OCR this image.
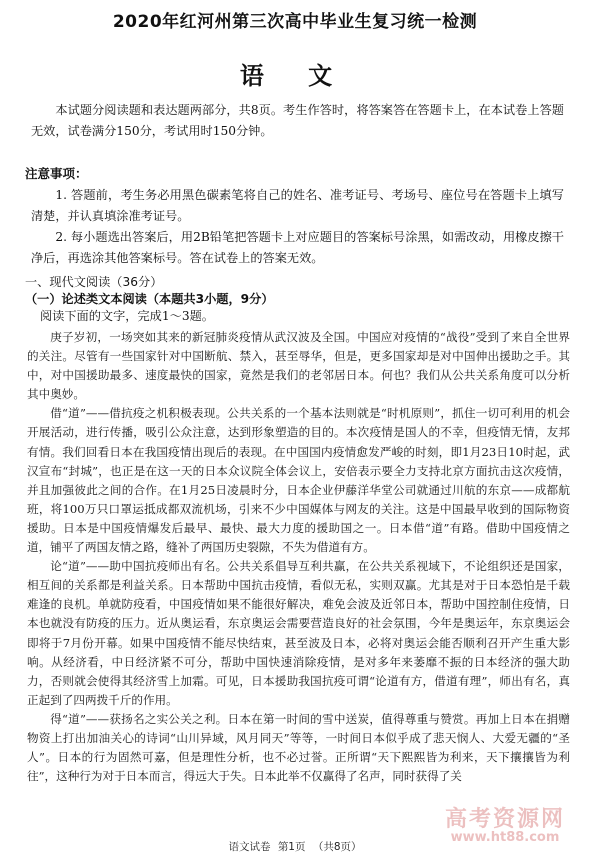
2020年红河州第三次高中毕业生复习统一检测
语 文
本试题分阅读题和表达题两部分，共8页。考生作答时，将答案答在答题卡上，在本试卷上答题无效，试卷满分150分，考试用时150分钟。
注意事项：
1. 答题前，考生务必用黑色碳素笔将自己的姓名、准考证号、考场号、座位号在答题卡上填写清楚，并认真填涂准考证号。
2. 每小题选出答案后，用2B铅笔把答题卡上对应题目的答案标号涂黑，如需改动，用橡皮擦干净后，再选涂其他答案标号。答在试卷上的答案无效。
一、现代文阅读（36分）
（一）论述类文本阅读（本题共3小题，9分）
阅读下面的文字，完成1～3题。

庚子岁初，一场突如其来的新冠肺炎疫情从武汉波及全国。中国应对疫情的“战役”受到了来自全世界的关注。尽管有一些国家针对中国断航、禁入，甚至辱华，但是，更多国家却是对中国伸出援助之手。其中，对中国援助最多、速度最快的国家，竟然是我们的老邻居日本。何也？我们从公共关系角度可以分析其中奥妙。

借“道”——借抗疫之机积极表现。公共关系的一个基本法则就是“时机原则”，抓住一切可利用的机会开展活动，进行传播，吸引公众注意，达到形象塑造的目的。本次疫情是国人的不幸，但疫情无情，友邦有情。我们回看日本在我国疫情出现后的表现。在中国国内疫情愈发严峻的时刻，即1月23日10时起，武汉宣布“封城”，也正是在这一天的日本众议院全体会议上，安倍表示要全力支持北京方面抗击这次疫情，并且加强彼此之间的合作。在1月25日凌晨时分，日本企业伊藤洋华堂公司就通过川航的东京——成都航班，将100万只口罩运抵成都双流机场，引来不少中国媒体与网友的关注。这是中国最早收到的国际物资援助。日本是中国疫情爆发后最早、最快、最大力度的援助国之一。日本借“道”有路。借助中国疫情之道，铺平了两国友情之路，缝补了两国历史裂隙，不失为借道有方。

论“道”——助中国抗疫师出有名。公共关系倡导互利共赢，在公共关系视域下，不论组织还是国家，相互间的关系都是利益关系。日本帮助中国抗击疫情，看似无私，实则双赢。尤其是对于日本恐怕是千载难逢的良机。单就防疫看，中国疫情如果不能很好解决，难免会波及近邻日本，帮助中国控制住疫情，日本也就没有防疫的压力。近从奥运看，东京奥运会需要营造良好的社会氛围，今年是奥运年，东京奥运会即将于7月份开幕。如果中国疫情不能尽快结束，甚至波及日本，必将对奥运会能否顺利召开产生重大影响。从经济看，中日经济紧不可分，帮助中国快速消除疫情，是对多年来萎靡不振的日本经济的强大助力，否则就会使得其经济雪上加霜。可见，日本援助我国抗疫可谓“论道有方，借道有理”，师出有名，真正起到了四两拨千斤的作用。

得“道”——获扬名之实公关之利。日本在第一时间的雪中送炭，值得尊重与赞赏。再加上日本在捐赠物资上打出加油关心的诗词“山川异域，风月同天”等等，一时间日本似乎成了悲天悯人、大爱无疆的“圣人”。日本的行为固然可嘉，但是理性分析，也不必过誉。正所谓“天下熙熙皆为利来，天下攘攘皆为利往”，这种行为对于日本而言，得远大于失。日本此举不仅赢得了名声，同时获得了关

高考资源网
www.ht88.com
语文试卷 第1页 （共8页）
